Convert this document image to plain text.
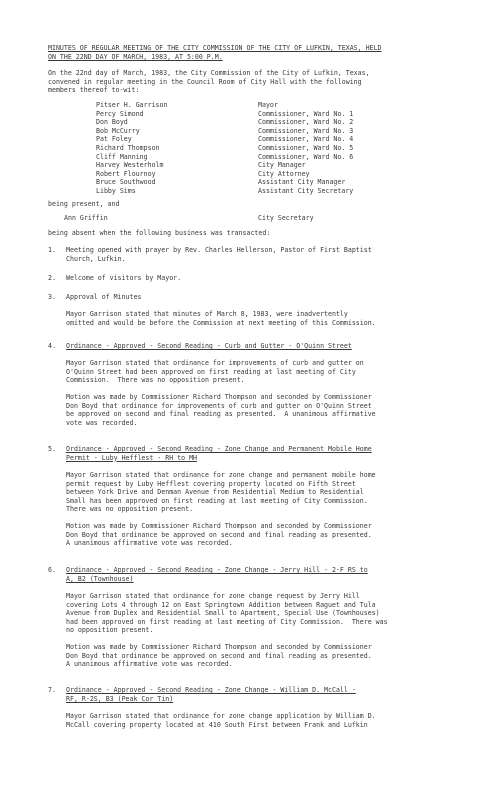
MINUTES OF REGULAR MEETING OF THE CITY COMMISSION OF THE CITY OF LUFKIN, TEXAS, HELD
ON THE 22ND DAY OF MARCH, 1983, AT 5:00 P.M.
On the 22nd day of March, 1983, the City Commission of the City of Lufkin, Texas,
convened in regular meeting in the Council Room of City Hall with the following
members thereof to-wit:
Pitser H. Garrison	Mayor
Percy Simond	Commissioner, Ward No. 1
Don Boyd	Commissioner, Ward No. 2
Bob McCurry	Commissioner, Ward No. 3
Pat Foley	Commissioner, Ward No. 4
Richard Thompson	Commissioner, Ward No. 5
Cliff Manning	Commissioner, Ward No. 6
Harvey Westerholm	City Manager
Robert Flournoy	City Attorney
Bruce Southwood	Assistant City Manager
Libby Sims	Assistant City Secretary
being present, and
Ann Griffin	City Secretary
being absent when the following business was transacted:
1. Meeting opened with prayer by Rev. Charles Hellerson, Pastor of First Baptist
Church, Lufkin.
2. Welcome of visitors by Mayor.
3. Approval of Minutes
Mayor Garrison stated that minutes of March 8, 1983, were inadvertently
omitted and would be before the Commission at next meeting of this Commission.
4. Ordinance - Approved - Second Reading - Curb and Gutter - O'Quinn Street
Mayor Garrison stated that ordinance for improvements of curb and gutter on
O'Quinn Street had been approved on first reading at last meeting of City
Commission.  There was no opposition present.
Motion was made by Commissioner Richard Thompson and seconded by Commissioner
Don Boyd that ordinance for improvements of curb and gutter on O'Quinn Street
be approved on second and final reading as presented.  A unanimous affirmative
vote was recorded.
5. Ordinance - Approved - Second Reading - Zone Change and Permanent Mobile Home
Permit - Luby Hefflest - RH to MH
Mayor Garrison stated that ordinance for zone change and permanent mobile home
permit request by Luby Hefflest covering property located on Fifth Street
between York Drive and Denman Avenue from Residential Medium to Residential
Small has been approved on first reading at last meeting of City Commission.
There was no opposition present.
Motion was made by Commissioner Richard Thompson and seconded by Commissioner
Don Boyd that ordinance be approved on second and final reading as presented.
A unanimous affirmative vote was recorded.
6. Ordinance - Approved - Second Reading - Zone Change - Jerry Hill - 2-F RS to
A, B2 (Townhouse)
Mayor Garrison stated that ordinance for zone change request by Jerry Hill
covering Lots 4 through 12 on East Springtown Addition between Raguet and Tula
Avenue from Duplex and Residential Small to Apartment, Special Use (Townhouses)
had been approved on first reading at last meeting of City Commission.  There was
no opposition present.
Motion was made by Commissioner Richard Thompson and seconded by Commissioner
Don Boyd that ordinance be approved on second and final reading as presented.
A unanimous affirmative vote was recorded.
7. Ordinance - Approved - Second Reading - Zone Change - William D. McCall -
RF, R-2S, B3 (Peak Cor Tin)
Mayor Garrison stated that ordinance for zone change application by William D.
McCall covering property located at 410 South First between Frank and Lufkin
